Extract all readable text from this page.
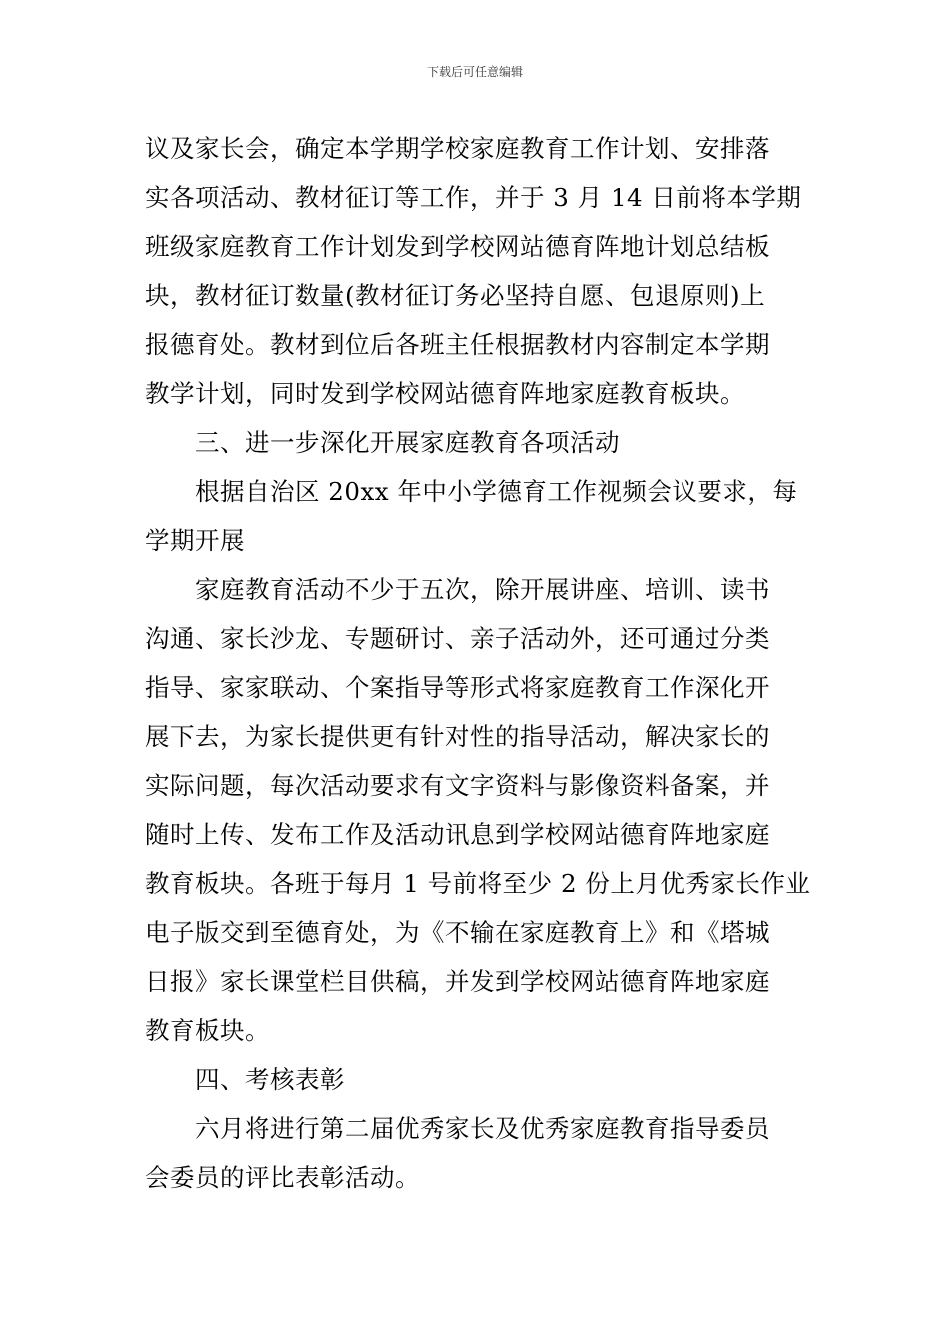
下载后可任意编辑
议及家长会，确定本学期学校家庭教育工作计划、安排落
实各项活动、教材征订等工作，并于 3 月 14 日前将本学期
班级家庭教育工作计划发到学校网站德育阵地计划总结板
块，教材征订数量(教材征订务必坚持自愿、包退原则)上
报德育处。教材到位后各班主任根据教材内容制定本学期
教学计划，同时发到学校网站德育阵地家庭教育板块。
三、进一步深化开展家庭教育各项活动
根据自治区 20xx 年中小学德育工作视频会议要求，每
学期开展
家庭教育活动不少于五次，除开展讲座、培训、读书
沟通、家长沙龙、专题研讨、亲子活动外，还可通过分类
指导、家家联动、个案指导等形式将家庭教育工作深化开
展下去，为家长提供更有针对性的指导活动，解决家长的
实际问题，每次活动要求有文字资料与影像资料备案，并
随时上传、发布工作及活动讯息到学校网站德育阵地家庭
教育板块。各班于每月 1 号前将至少 2 份上月优秀家长作业
电子版交到至德育处，为《不输在家庭教育上》和《塔城
日报》家长课堂栏目供稿，并发到学校网站德育阵地家庭
教育板块。
四、考核表彰
六月将进行第二届优秀家长及优秀家庭教育指导委员
会委员的评比表彰活动。
